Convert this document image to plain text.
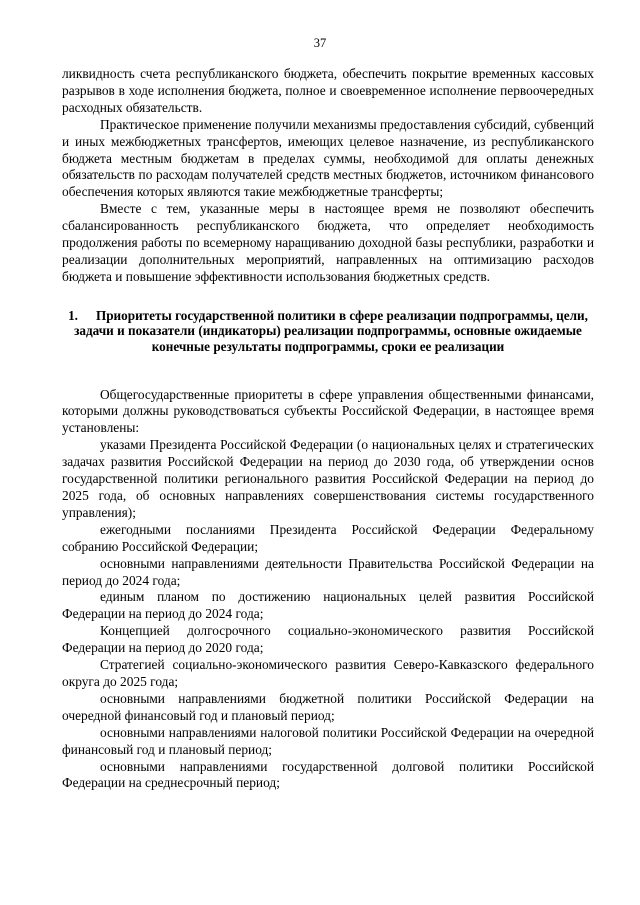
37

ликвидность счета республиканского бюджета, обеспечить покрытие временных кассовых разрывов в ходе исполнения бюджета, полное и своевременное исполнение первоочередных расходных обязательств.

Практическое применение получили механизмы предоставления субсидий, субвенций и иных межбюджетных трансфертов, имеющих целевое назначение, из республиканского бюджета местным бюджетам в пределах суммы, необходимой для оплаты денежных обязательств по расходам получателей средств местных бюджетов, источником финансового обеспечения которых являются такие межбюджетные трансферты;

Вместе с тем, указанные меры в настоящее время не позволяют обеспечить сбалансированность республиканского бюджета, что определяет необходимость продолжения работы по всемерному наращиванию доходной базы республики, разработки и реализации дополнительных мероприятий, направленных на оптимизацию расходов бюджета и повышение эффективности использования бюджетных средств.

1. Приоритеты государственной политики в сфере реализации подпрограммы, цели, задачи и показатели (индикаторы) реализации подпрограммы, основные ожидаемые конечные результаты подпрограммы, сроки ее реализации

Общегосударственные приоритеты в сфере управления общественными финансами, которыми должны руководствоваться субъекты Российской Федерации, в настоящее время установлены:

указами Президента Российской Федерации (о национальных целях и стратегических задачах развития Российской Федерации на период до 2030 года, об утверждении основ государственной политики регионального развития Российской Федерации на период до 2025 года, об основных направлениях совершенствования системы государственного управления);

ежегодными посланиями Президента Российской Федерации Федеральному собранию Российской Федерации;

основными направлениями деятельности Правительства Российской Федерации на период до 2024 года;

единым планом по достижению национальных целей развития Российской Федерации на период до 2024 года;

Концепцией долгосрочного социально-экономического развития Российской Федерации на период до 2020 года;

Стратегией социально-экономического развития Северо-Кавказского федерального округа до 2025 года;

основными направлениями бюджетной политики Российской Федерации на очередной финансовый год и плановый период;

основными направлениями налоговой политики Российской Федерации на очередной финансовый год и плановый период;

основными направлениями государственной долговой политики Российской Федерации на среднесрочный период;
